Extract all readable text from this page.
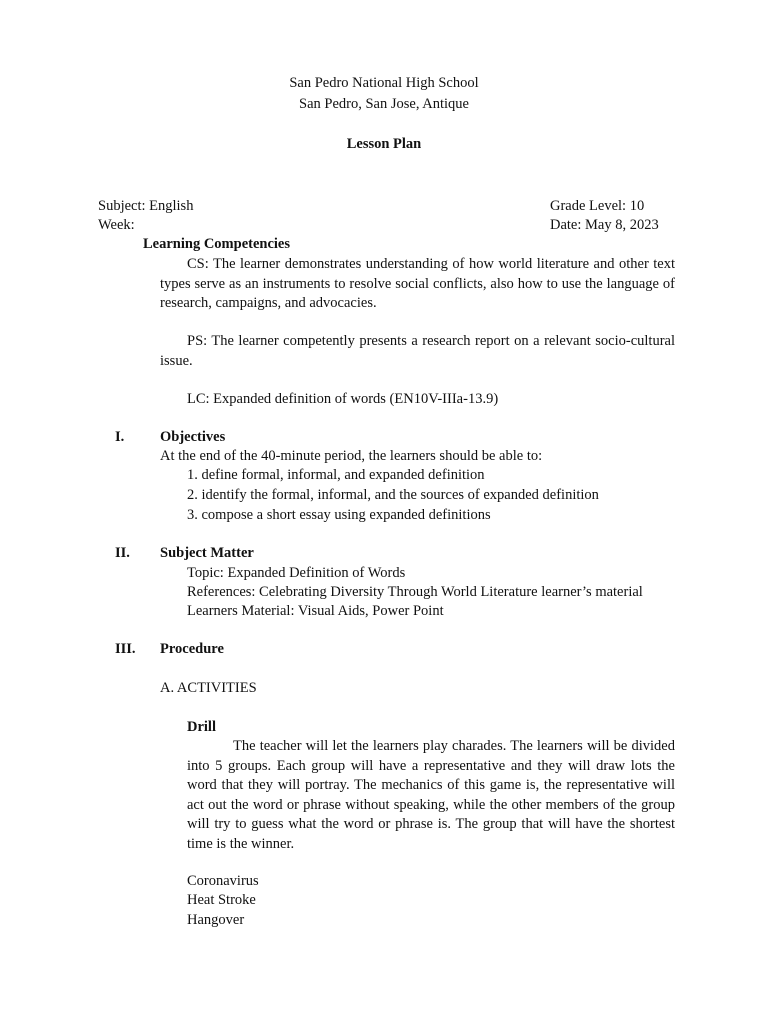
San Pedro National High School
San Pedro, San Jose, Antique
Lesson Plan
Subject: English
Week:
Grade Level: 10
Date: May 8, 2023
Learning Competencies
CS: The learner demonstrates understanding of how world literature and other text types serve as an instruments to resolve social conflicts, also how to use the language of research, campaigns, and advocacies.
PS: The learner competently presents a research report on a relevant socio-cultural issue.
LC: Expanded definition of words (EN10V-IIIa-13.9)
I. Objectives
At the end of the 40-minute period, the learners should be able to:
1. define formal, informal, and expanded definition
2. identify the formal, informal, and the sources of expanded definition
3. compose a short essay using expanded definitions
II. Subject Matter
Topic: Expanded Definition of Words
References: Celebrating Diversity Through World Literature learner’s material
Learners Material: Visual Aids, Power Point
III. Procedure
A. ACTIVITIES
Drill
The teacher will let the learners play charades. The learners will be divided into 5 groups. Each group will have a representative and they will draw lots the word that they will portray. The mechanics of this game is, the representative will act out the word or phrase without speaking, while the other members of the group will try to guess what the word or phrase is. The group that will have the shortest time is the winner.
Coronavirus
Heat Stroke
Hangover
